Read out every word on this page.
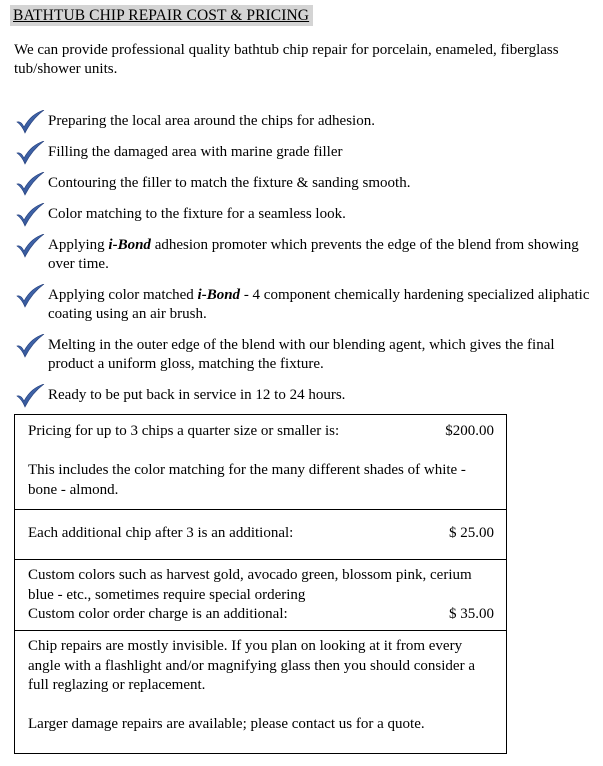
BATHTUB CHIP REPAIR COST & PRICING
We can provide professional quality bathtub chip repair for porcelain, enameled, fiberglass tub/shower units.
Preparing the local area around the chips for adhesion.
Filling the damaged area with marine grade filler
Contouring the filler to match the fixture & sanding smooth.
Color matching to the fixture for a seamless look.
Applying i-Bond adhesion promoter which prevents the edge of the blend from showing over time.
Applying color matched i-Bond - 4 component chemically hardening specialized aliphatic coating using an air brush.
Melting in the outer edge of the blend with our blending agent, which gives the final product a uniform gloss, matching the fixture.
Ready to be put back in service in 12 to 24 hours.
Pricing for up to 3 chips a quarter size or smaller is:	$200.00
This includes the color matching for the many different shades of white - bone - almond.
Each additional chip after 3 is an additional:	$ 25.00
Custom colors such as harvest gold, avocado green, blossom pink, cerium blue - etc., sometimes require special ordering
Custom color order charge is an additional:	$ 35.00
Chip repairs are mostly invisible. If you plan on looking at it from every angle with a flashlight and/or magnifying glass then you should consider a full reglazing or replacement.
Larger damage repairs are available; please contact us for a quote.
